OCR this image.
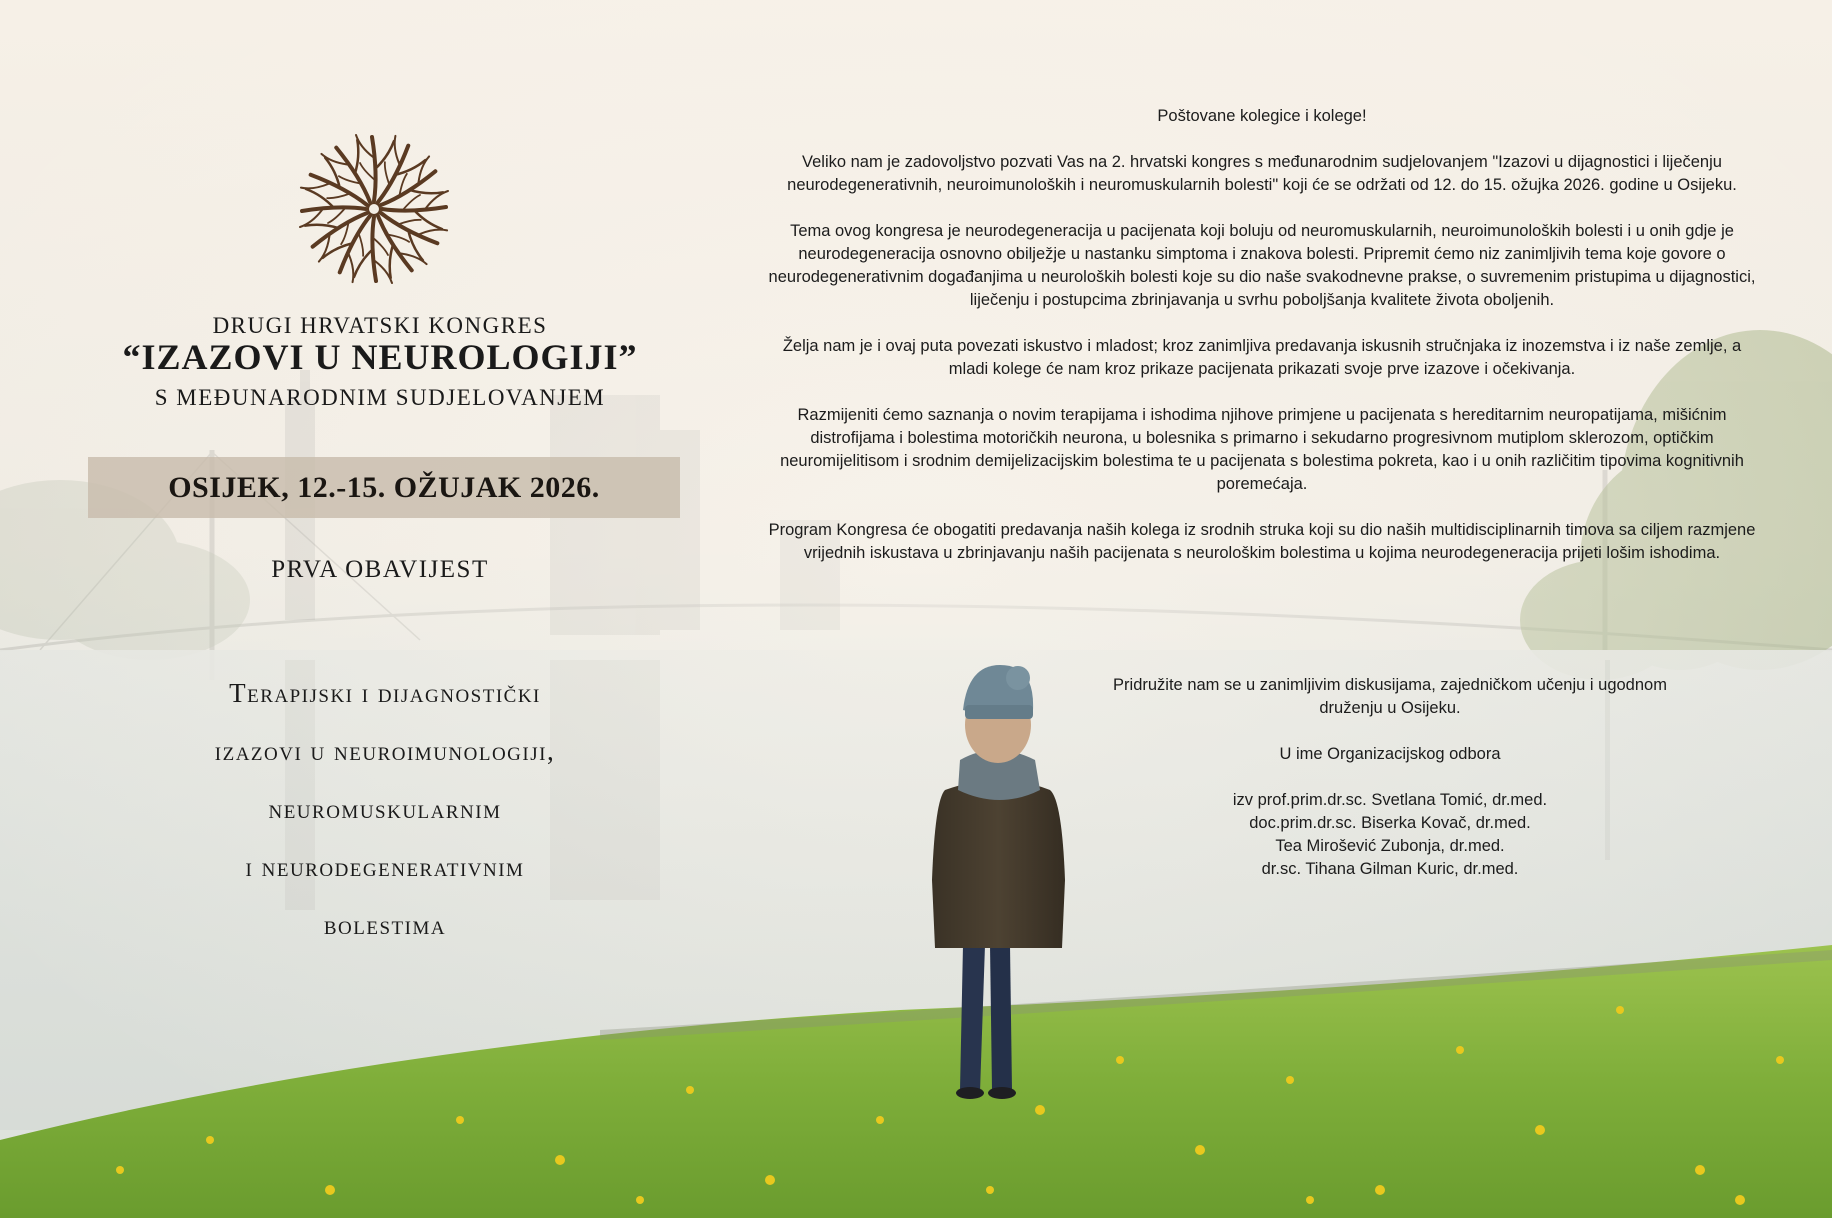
DRUGI HRVATSKI KONGRES
“IZAZOVI U NEUROLOGIJI”
S MEĐUNARODNIM SUDJELOVANJEM
OSIJEK, 12.-15. OŽUJAK 2026.
PRVA OBAVIJEST
Terapijski i dijagnostički
izazovi u neuroimunologiji,
neuromuskularnim
i neurodegenerativnim
bolestima

Poštovane kolegice i kolege!

Veliko nam je zadovoljstvo pozvati Vas na 2. hrvatski kongres s međunarodnim sudjelovanjem "Izazovi u dijagnostici i liječenju neurodegenerativnih, neuroimunoloških i neuromuskularnih bolesti" koji će se održati od 12. do 15. ožujka 2026. godine u Osijeku.

Tema ovog kongresa je neurodegeneracija u pacijenata koji boluju od neuromuskularnih, neuroimunoloških bolesti i u onih gdje je neurodegeneracija osnovno obilježje u nastanku simptoma i znakova bolesti. Pripremit ćemo niz zanimljivih tema koje govore o neurodegenerativnim događanjima u neuroloških bolesti koje su dio naše svakodnevne prakse, o suvremenim pristupima u dijagnostici, liječenju i postupcima zbrinjavanja u svrhu poboljšanja kvalitete života oboljenih.

Želja nam je i ovaj puta povezati iskustvo i mladost; kroz zanimljiva predavanja iskusnih stručnjaka iz inozemstva i iz naše zemlje, a mladi kolege će nam kroz prikaze pacijenata prikazati svoje prve izazove i očekivanja.

Razmijeniti ćemo saznanja o novim terapijama i ishodima njihove primjene u pacijenata s hereditarnim neuropatijama, mišićnim distrofijama i bolestima motoričkih neurona, u bolesnika s primarno i sekudarno progresivnom mutiplom sklerozom, optičkim neuromijelitisom i srodnim demijelizacijskim bolestima te u pacijenata s bolestima pokreta, kao i u onih različitim tipovima kognitivnih poremećaja.

Program Kongresa će obogatiti predavanja naših kolega iz srodnih struka koji su dio naših multidisciplinarnih timova sa ciljem razmjene vrijednih iskustava u zbrinjavanju naših pacijenata s neurološkim bolestima u kojima neurodegeneracija prijeti lošim ishodima.

Pridružite nam se u zanimljivim diskusijama, zajedničkom učenju i ugodnom druženju u Osijeku.

U ime Organizacijskog odbora

izv prof.prim.dr.sc. Svetlana Tomić, dr.med.
doc.prim.dr.sc. Biserka Kovač, dr.med.
Tea Mirošević Zubonja, dr.med.
dr.sc. Tihana Gilman Kuric, dr.med.
